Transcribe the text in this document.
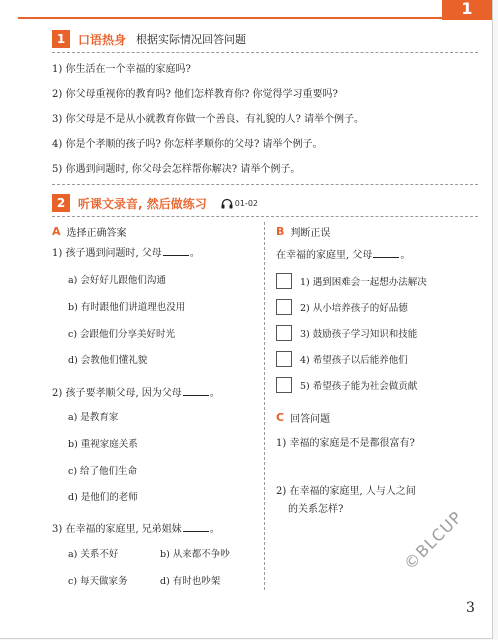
1
1	口语热身 根据实际情况回答问题
1) 你生活在一个幸福的家庭吗?
2) 你父母重视你的教育吗? 他们怎样教育你? 你觉得学习重要吗?
3) 你父母是不是从小就教育你做一个善良、有礼貌的人? 请举个例子。
4) 你是个孝顺的孩子吗? 你怎样孝顺你的父母? 请举个例子。
5) 你遇到问题时, 你父母会怎样帮你解决? 请举个例子。
2	听课文录音, 然后做练习	01-02
A 选择正确答案
1) 孩子遇到问题时, 父母	。
a) 会好好儿跟他们沟通
b) 有时跟他们讲道理也没用
c) 会跟他们分享美好时光
d) 会教他们懂礼貌
2) 孩子要孝顺父母, 因为父母	。
a) 是教育家
b) 重视家庭关系
c) 给了他们生命
d) 是他们的老师
3) 在幸福的家庭里, 兄弟姐妹	。
a) 关系不好	b) 从来都不争吵
c) 每天做家务	d) 有时也吵架
B 判断正误
在幸福的家庭里, 父母	。
1) 遇到困难会一起想办法解决
2) 从小培养孩子的好品德
3) 鼓励孩子学习知识和技能
4) 希望孩子以后能养他们
5) 希望孩子能为社会做贡献
C 回答问题
1) 幸福的家庭是不是都很富有?
2) 在幸福的家庭里, 人与人之间
的关系怎样?	©BLCUP
3
